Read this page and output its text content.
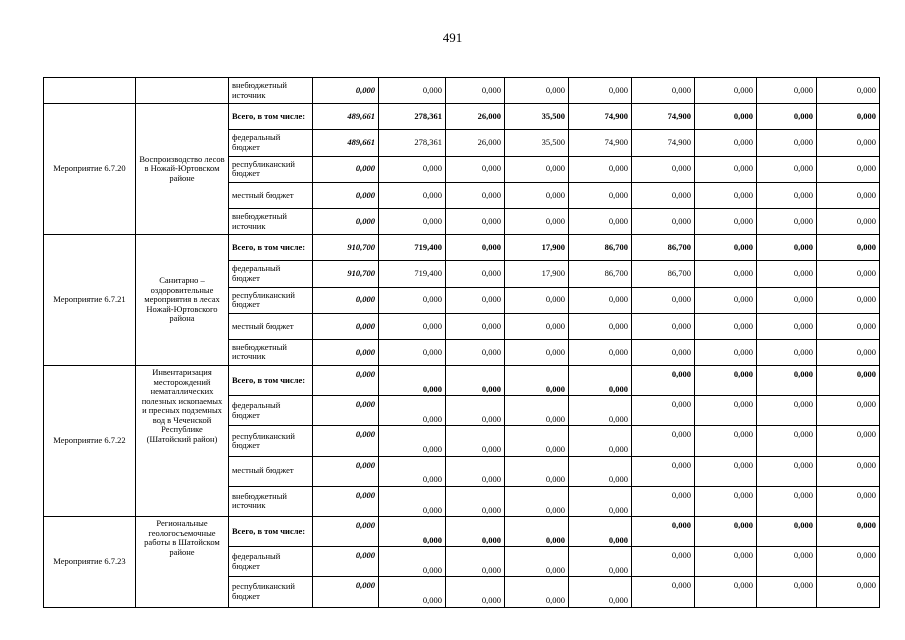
491
		внебюджетный источник	0,000	0,000	0,000	0,000	0,000	0,000	0,000	0,000	0,000
Мероприятие 6.7.20	Воспроизводство лесов в Ножай-Юртовском районе	Всего, в том числе:	489,661	278,361	26,000	35,500	74,900	74,900	0,000	0,000	0,000
		федеральный бюджет	489,661	278,361	26,000	35,500	74,900	74,900	0,000	0,000	0,000
		республиканский бюджет	0,000	0,000	0,000	0,000	0,000	0,000	0,000	0,000	0,000
		местный бюджет	0,000	0,000	0,000	0,000	0,000	0,000	0,000	0,000	0,000
		внебюджетный источник	0,000	0,000	0,000	0,000	0,000	0,000	0,000	0,000	0,000
Мероприятие 6.7.21	Санитарно – оздоровительные мероприятия в лесах Ножай-Юртовского района	Всего, в том числе:	910,700	719,400	0,000	17,900	86,700	86,700	0,000	0,000	0,000
		федеральный бюджет	910,700	719,400	0,000	17,900	86,700	86,700	0,000	0,000	0,000
		республиканский бюджет	0,000	0,000	0,000	0,000	0,000	0,000	0,000	0,000	0,000
		местный бюджет	0,000	0,000	0,000	0,000	0,000	0,000	0,000	0,000	0,000
		внебюджетный источник	0,000	0,000	0,000	0,000	0,000	0,000	0,000	0,000	0,000
Мероприятие 6.7.22	Инвентаризация месторождений нематаллических полезных ископаемых и пресных подземных вод в Чеченской Республике (Шатойский район)	Всего, в том числе:	0,000	0,000	0,000	0,000	0,000	0,000	0,000	0,000	0,000
		федеральный бюджет	0,000	0,000	0,000	0,000	0,000	0,000	0,000	0,000	0,000
		республиканский бюджет	0,000	0,000	0,000	0,000	0,000	0,000	0,000	0,000	0,000
		местный бюджет	0,000	0,000	0,000	0,000	0,000	0,000	0,000	0,000	0,000
		внебюджетный источник	0,000	0,000	0,000	0,000	0,000	0,000	0,000	0,000	0,000
Мероприятие 6.7.23	Региональные геологосъемочные работы в Шатойском районе	Всего, в том числе:	0,000	0,000	0,000	0,000	0,000	0,000	0,000	0,000	0,000
		федеральный бюджет	0,000	0,000	0,000	0,000	0,000	0,000	0,000	0,000	0,000
		республиканский бюджет	0,000	0,000	0,000	0,000	0,000	0,000	0,000	0,000	0,000
